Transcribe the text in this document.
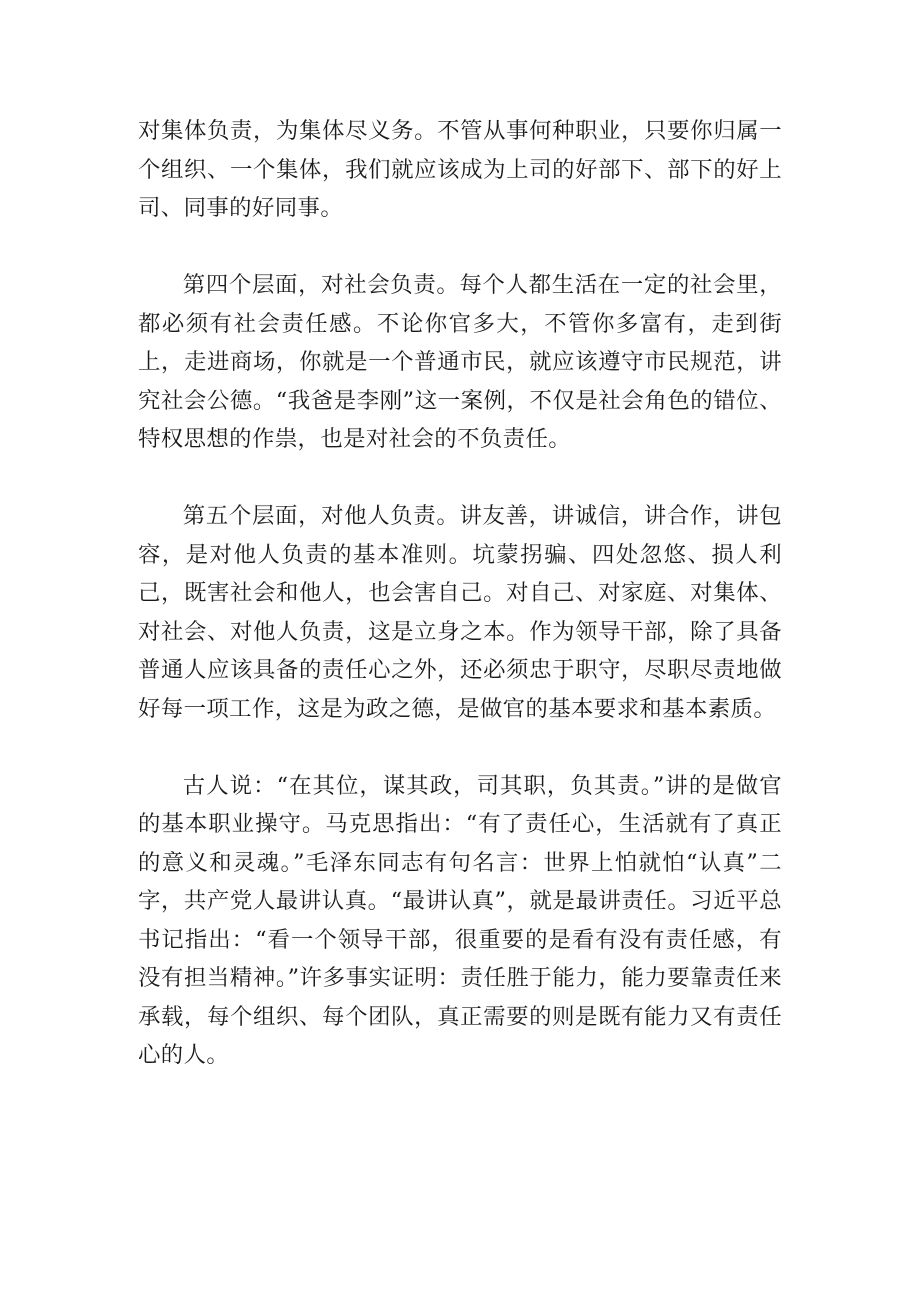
对集体负责，为集体尽义务。不管从事何种职业，只要你归属一个组织、一个集体，我们就应该成为上司的好部下、部下的好上司、同事的好同事。

第四个层面，对社会负责。每个人都生活在一定的社会里，都必须有社会责任感。不论你官多大，不管你多富有，走到街上，走进商场，你就是一个普通市民，就应该遵守市民规范，讲究社会公德。“我爸是李刚”这一案例，不仅是社会角色的错位、特权思想的作祟，也是对社会的不负责任。

第五个层面，对他人负责。讲友善，讲诚信，讲合作，讲包容，是对他人负责的基本准则。坑蒙拐骗、四处忽悠、损人利己，既害社会和他人，也会害自己。对自己、对家庭、对集体、对社会、对他人负责，这是立身之本。作为领导干部，除了具备普通人应该具备的责任心之外，还必须忠于职守，尽职尽责地做好每一项工作，这是为政之德，是做官的基本要求和基本素质。

古人说：“在其位，谋其政，司其职，负其责。”讲的是做官的基本职业操守。马克思指出：“有了责任心，生活就有了真正的意义和灵魂。”毛泽东同志有句名言：世界上怕就怕“认真”二字，共产党人最讲认真。“最讲认真”，就是最讲责任。习近平总书记指出：“看一个领导干部，很重要的是看有没有责任感，有没有担当精神。”许多事实证明：责任胜于能力，能力要靠责任来承载，每个组织、每个团队，真正需要的则是既有能力又有责任心的人。
